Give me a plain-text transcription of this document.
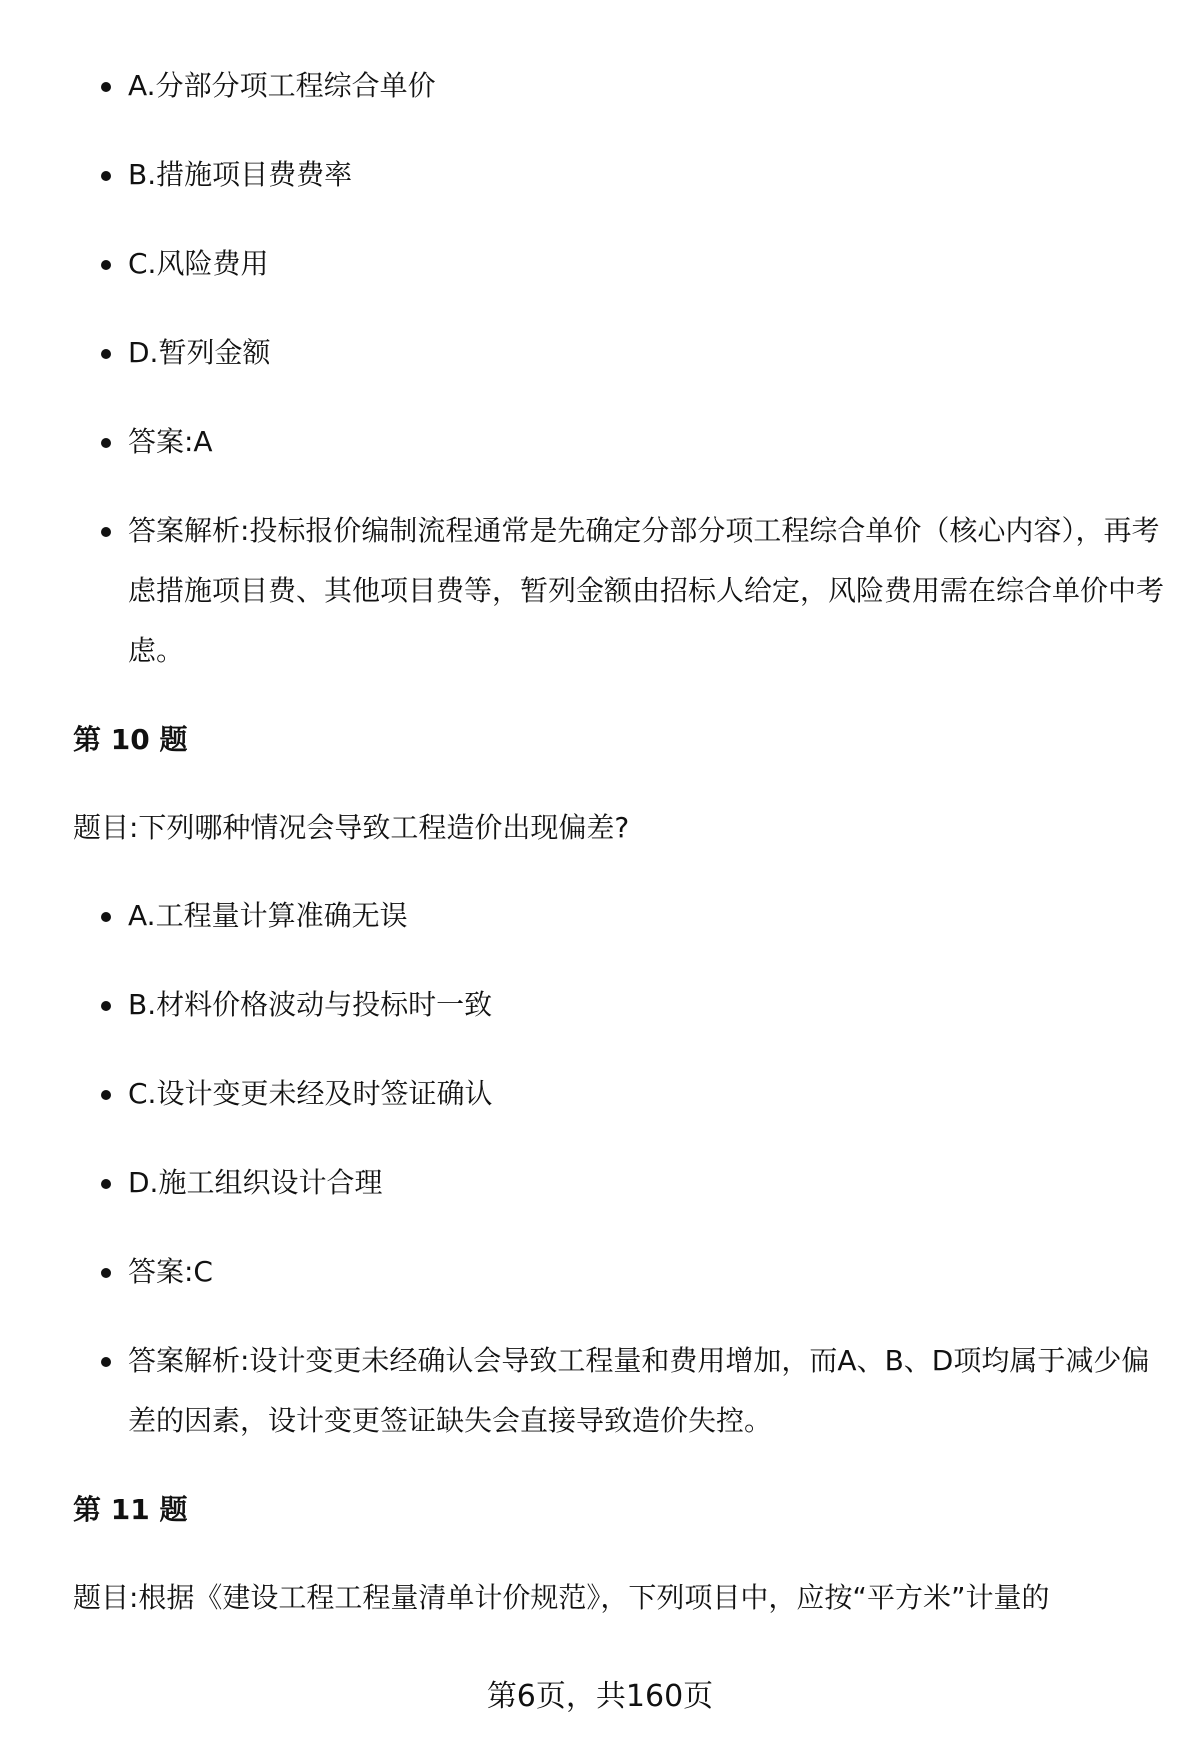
A.分部分项工程综合单价
B.措施项目费费率
C.风险费用
D.暂列金额
答案:A
答案解析:投标报价编制流程通常是先确定分部分项工程综合单价（核心内容），再考虑措施项目费、其他项目费等，暂列金额由招标人给定，风险费用需在综合单价中考虑。
第 10 题
题目:下列哪种情况会导致工程造价出现偏差?
A.工程量计算准确无误
B.材料价格波动与投标时一致
C.设计变更未经及时签证确认
D.施工组织设计合理
答案:C
答案解析:设计变更未经确认会导致工程量和费用增加，而A、B、D项均属于减少偏差的因素，设计变更签证缺失会直接导致造价失控。
第 11 题
题目:根据《建设工程工程量清单计价规范》，下列项目中，应按“平方米”计量的
第6页，共160页
